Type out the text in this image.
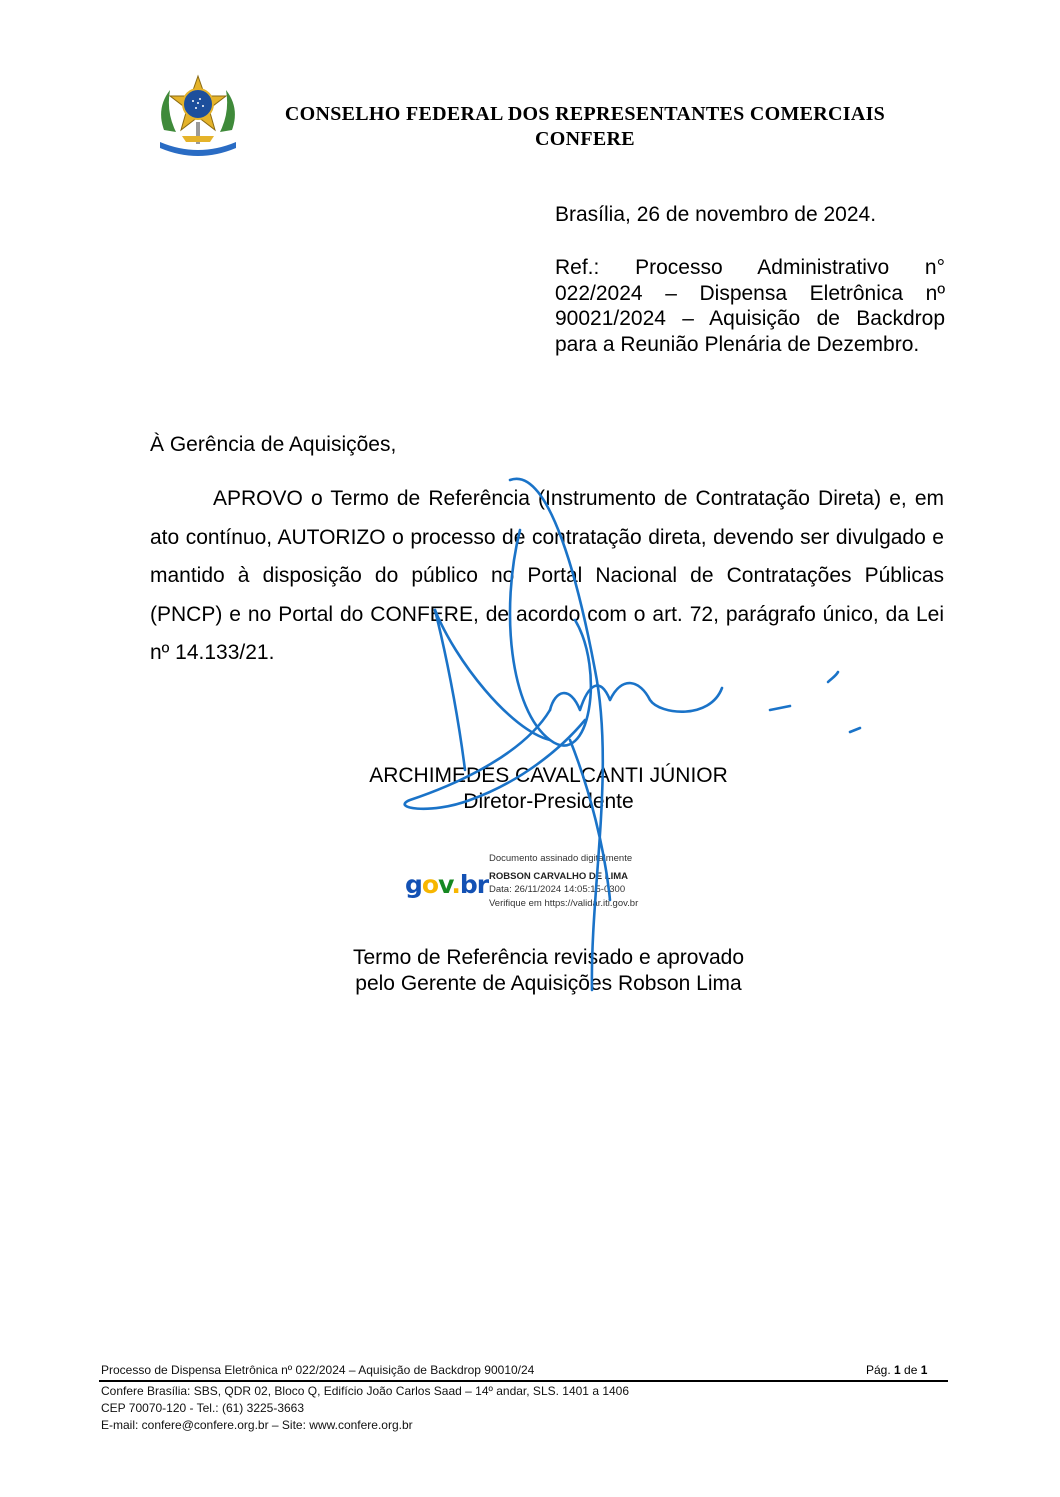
CONSELHO FEDERAL DOS REPRESENTANTES COMERCIAIS
CONFERE
Brasília, 26 de novembro de 2024.
Ref.: Processo Administrativo n° 022/2024 – Dispensa Eletrônica nº 90021/2024 – Aquisição de Backdrop para a Reunião Plenária de Dezembro.
À Gerência de Aquisições,
APROVO o Termo de Referência (Instrumento de Contratação Direta) e, em ato contínuo, AUTORIZO o processo de contratação direta, devendo ser divulgado e mantido à disposição do público no Portal Nacional de Contratações Públicas (PNCP) e no Portal do CONFERE, de acordo com o art. 72, parágrafo único, da Lei nº 14.133/21.
ARCHIMEDES CAVALCANTI JÚNIOR
Diretor-Presidente
gov.br
Documento assinado digitalmente
ROBSON CARVALHO DE LIMA
Data: 26/11/2024 14:05:15-0300
Verifique em https://validar.iti.gov.br
Termo de Referência revisado e aprovado
pelo Gerente de Aquisições Robson Lima
Processo de Dispensa Eletrônica nº 022/2024 – Aquisição de Backdrop 90010/24	Pág. 1 de 1
Confere Brasília: SBS, QDR 02, Bloco Q, Edifício João Carlos Saad – 14º andar, SLS. 1401 a 1406
CEP 70070-120 - Tel.: (61) 3225-3663
E-mail: confere@confere.org.br – Site: www.confere.org.br
